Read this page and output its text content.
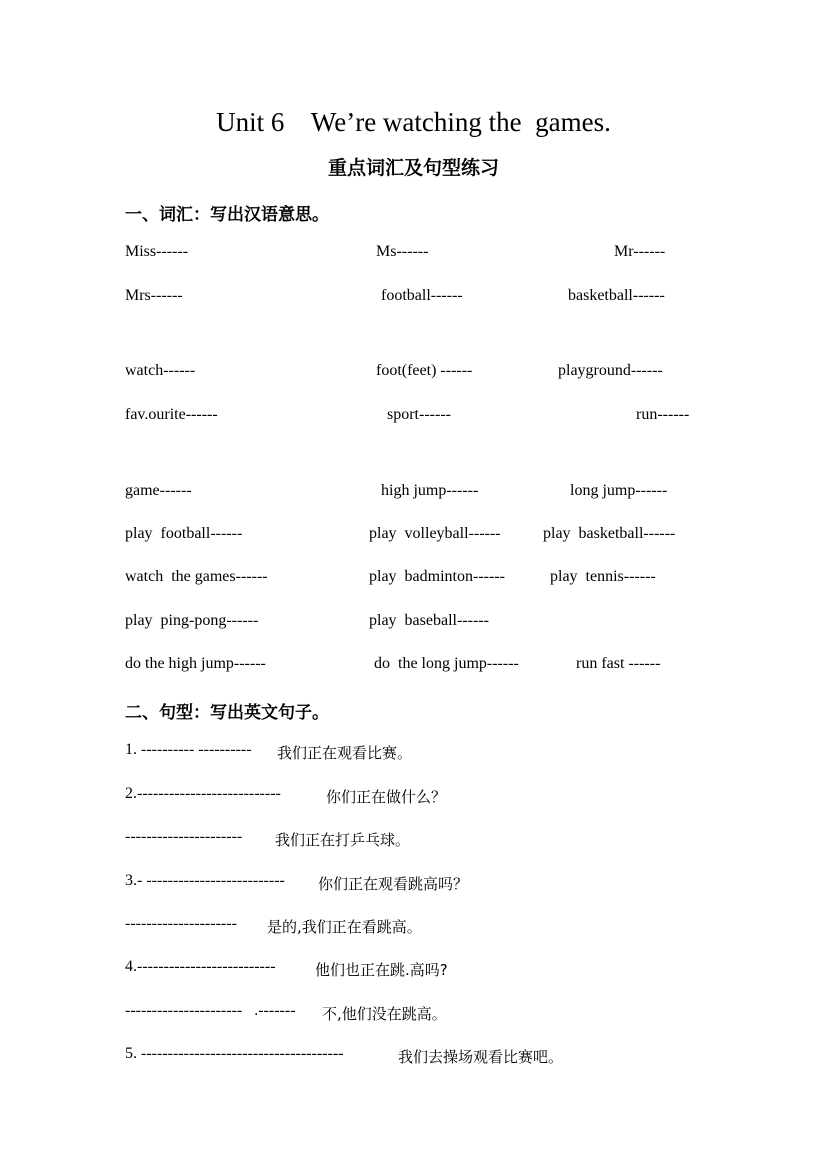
Unit 6    We’re watching the  games.
重点词汇及句型练习
一、词汇：写出汉语意思。
Miss------	Ms------	Mr------
Mrs------	football------	basketball------
watch------	foot(feet) ------	playground------
fav.ourite------	sport------	run------
game------	high jump------	long jump------
play  football------	play  volleyball------	play  basketball------
watch  the games------	play  badminton------	play  tennis------
play  ping-pong------	play  baseball------
do the high jump------	do  the long jump------	run fast ------
二、句型：写出英文句子。
1. ---------- ---------- 我们正在观看比赛。
2.---------------------------	你们正在做什么？
---------------------- 我们正在打乒乓球。
3.- -------------------------- 你们正在观看跳高吗？
--------------------- 是的,我们正在看跳高。
4.--------------------------	他们也正在跳.高吗?
----------------------   .------- 不,他们没在跳高。
5. --------------------------------------	我们去操场观看比赛吧。
